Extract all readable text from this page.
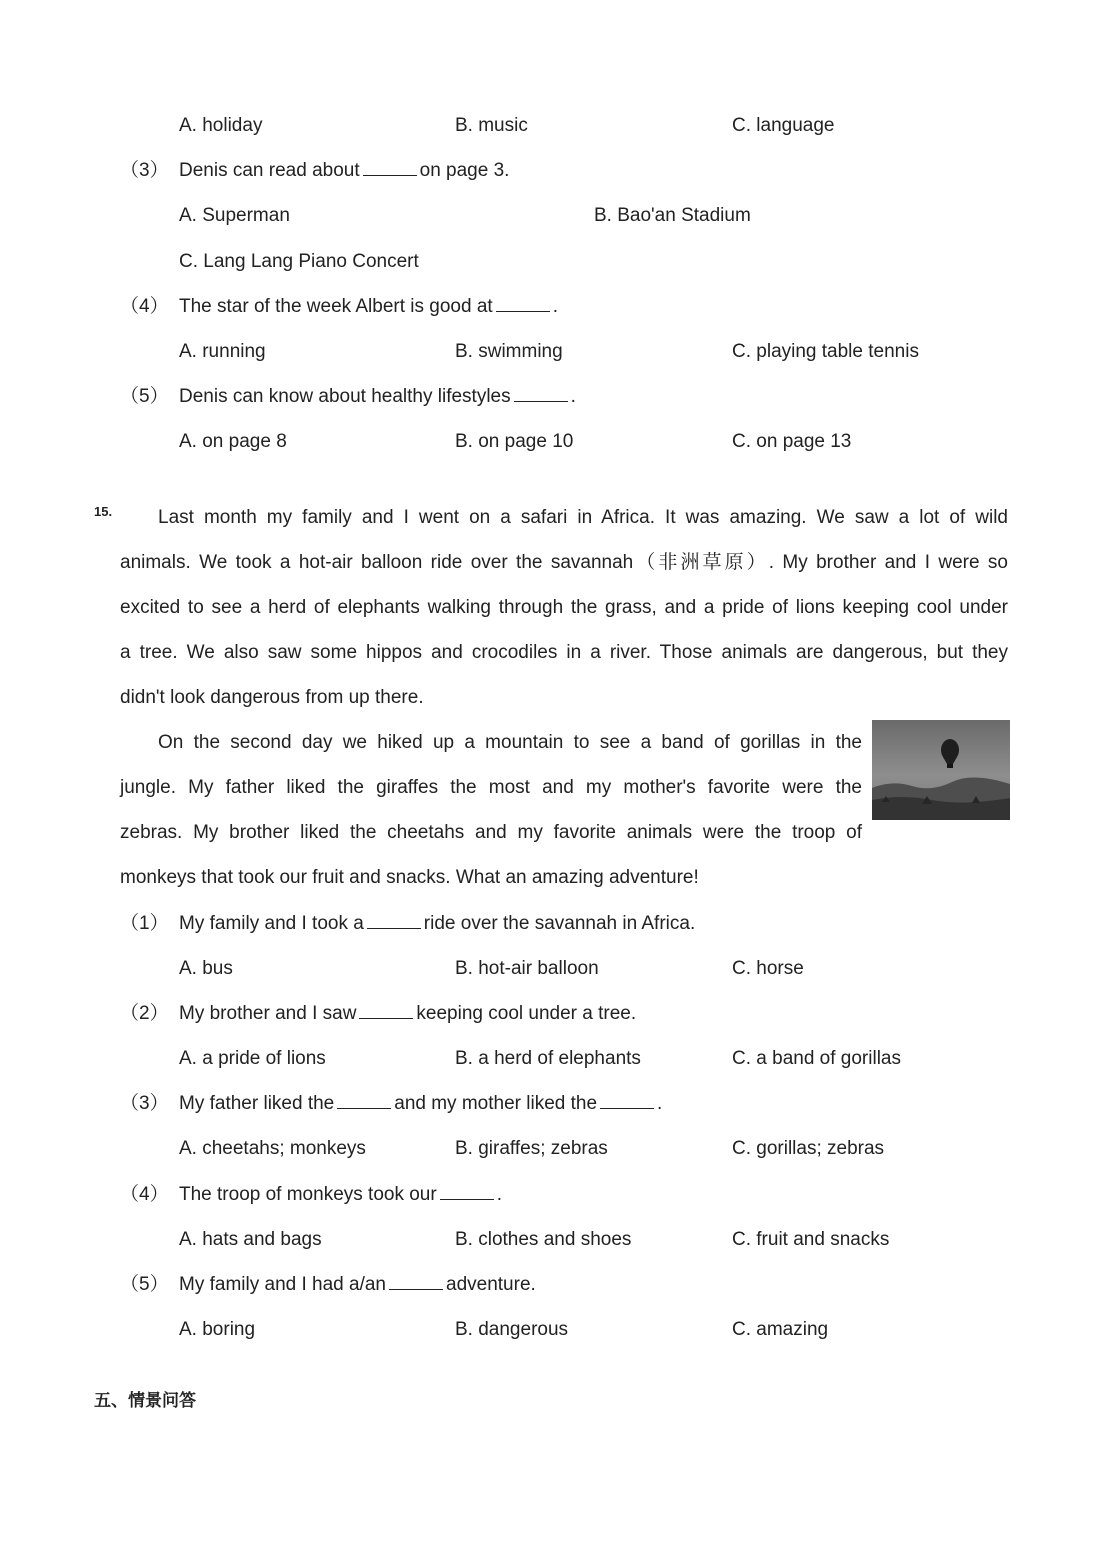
A. holiday	B. music	C. language
（3） Denis can read about	on page 3.
A. Superman	B. Bao'an Stadium
C. Lang Lang Piano Concert
（4） The star of the week Albert is good at	.
A. running	B. swimming	C. playing table tennis
（5） Denis can know about healthy lifestyles	.
A. on page 8	B. on page 10	C. on page 13
15.	Last month my family and I went on a safari in Africa. It was amazing. We saw a lot of wild
animals. We took a hot-air balloon ride over the savannah（非洲草原）. My brother and I were so
excited to see a herd of elephants walking through the grass, and a pride of lions keeping cool under
a tree. We also saw some hippos and crocodiles in a river. Those animals are dangerous, but they
didn't look dangerous from up there.
On the second day we hiked up a mountain to see a band of gorillas in the
jungle. My father liked the giraffes the most and my mother's favorite were the
zebras. My brother liked the cheetahs and my favorite animals were the troop of
monkeys that took our fruit and snacks. What an amazing adventure!
（1） My family and I took a	ride over the savannah in Africa.
A. bus	B. hot-air balloon	C. horse
（2） My brother and I saw	keeping cool under a tree.
A. a pride of lions	B. a herd of elephants	C. a band of gorillas
（3） My father liked the	and my mother liked the	.
A. cheetahs; monkeys	B. giraffes; zebras	C. gorillas; zebras
（4） The troop of monkeys took our	.
A. hats and bags	B. clothes and shoes	C. fruit and snacks
（5） My family and I had a/an	adventure.
A. boring	B. dangerous	C. amazing
五、情景问答
